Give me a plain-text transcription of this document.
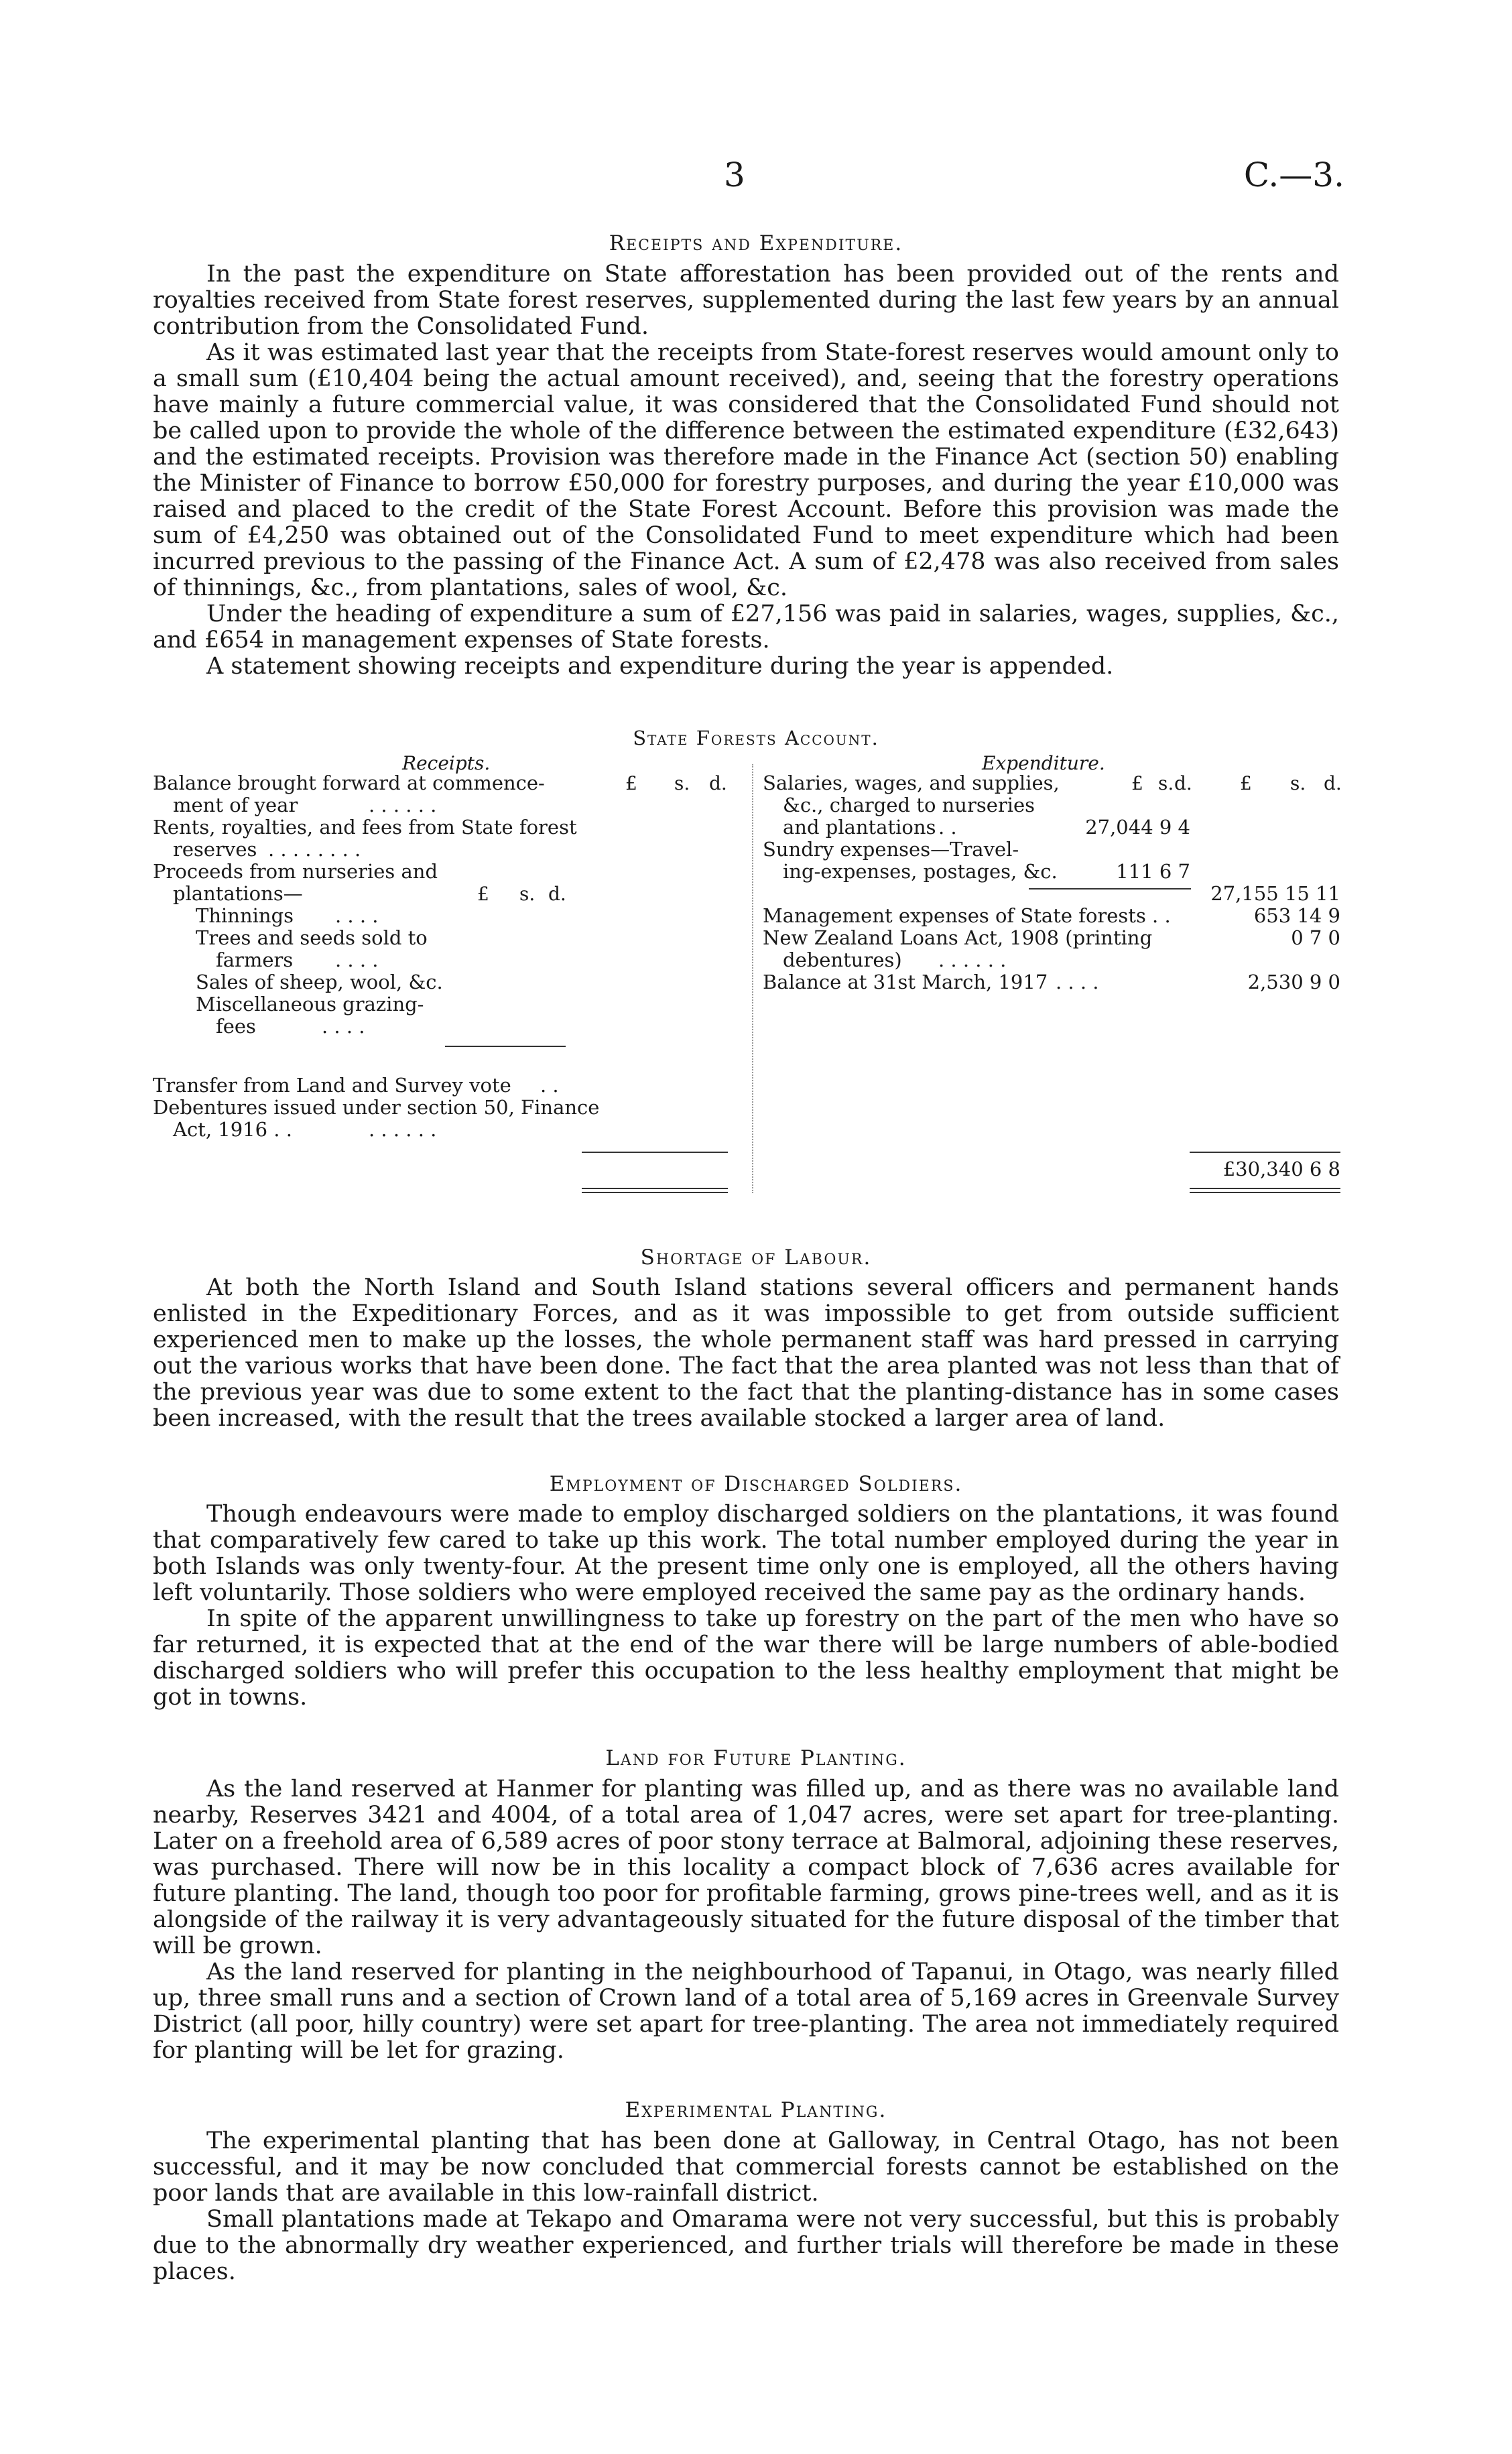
3	C.—3.
Receipts and Expenditure.

In the past the expenditure on State afforestation has been provided out of the rents and royalties received from State forest reserves, supplemented during the last few years by an annual contribution from the Consolidated Fund.

As it was estimated last year that the receipts from State-forest reserves would amount only to a small sum (£10,404 being the actual amount received), and, seeing that the forestry operations have mainly a future commercial value, it was considered that the Consolidated Fund should not be called upon to provide the whole of the difference between the estimated expenditure (£32,643) and the estimated receipts. Provision was therefore made in the Finance Act (section 50) enabling the Minister of Finance to borrow £50,000 for forestry purposes, and during the year £10,000 was raised and placed to the credit of the State Forest Account. Before this provision was made the sum of £4,250 was obtained out of the Consolidated Fund to meet expenditure which had been incurred previous to the passing of the Finance Act. A sum of £2,478 was also received from sales of thinnings, &c., from plantations, sales of wool, &c.

Under the heading of expenditure a sum of £27,156 was paid in salaries, wages, supplies, &c., and £654 in management expenses of State forests.

A statement showing receipts and expenditure during the year is appended.

State Forests Account.
Receipts.	Expenditure.
£ s. d.
Balance brought forward at commence-
ment of year	. . . . . .
Rents, royalties, and fees from State forest
reserves . . . . . . . .
Proceeds from nurseries and
plantations—	£ s. d.
Thinnings . . . .
Trees and seeds sold to
farmers . . . .
Sales of sheep, wool, &c.
Miscellaneous grazing-
fees	. . . .
Transfer from Land and Survey vote . .
Debentures issued under section 50, Finance
Act, 1916 . .	. . . . . .
£ s. d.	£ s. d.
Salaries, wages, and supplies,
&c., charged to nurseries
and plantations . .	27,044 9 4
Sundry expenses—Travel-
ing-expenses, postages, &c.	111 6 7
27,155 15 11
Management expenses of State forests . .	653 14 9
New Zealand Loans Act, 1908 (printing	0 7 0
debentures) . . . . . .
Balance at 31st March, 1917 . . . .	2,530 9 0
£30,340 6 8
Shortage of Labour.

At both the North Island and South Island stations several officers and permanent hands enlisted in the Expeditionary Forces, and as it was impossible to get from outside sufficient experienced men to make up the losses, the whole permanent staff was hard pressed in carrying out the various works that have been done. The fact that the area planted was not less than that of the previous year was due to some extent to the fact that the planting-distance has in some cases been increased, with the result that the trees available stocked a larger area of land.

Employment of Discharged Soldiers.

Though endeavours were made to employ discharged soldiers on the plantations, it was found that comparatively few cared to take up this work. The total number employed during the year in both Islands was only twenty-four. At the present time only one is employed, all the others having left voluntarily. Those soldiers who were employed received the same pay as the ordinary hands.

In spite of the apparent unwillingness to take up forestry on the part of the men who have so far returned, it is expected that at the end of the war there will be large numbers of able-bodied discharged soldiers who will prefer this occupation to the less healthy employment that might be got in towns.

Land for Future Planting.

As the land reserved at Hanmer for planting was filled up, and as there was no available land nearby, Reserves 3421 and 4004, of a total area of 1,047 acres, were set apart for tree-planting. Later on a freehold area of 6,589 acres of poor stony terrace at Balmoral, adjoining these reserves, was purchased. There will now be in this locality a compact block of 7,636 acres available for future planting. The land, though too poor for profitable farming, grows pine-trees well, and as it is alongside of the railway it is very advantageously situated for the future disposal of the timber that will be grown.

As the land reserved for planting in the neighbourhood of Tapanui, in Otago, was nearly filled up, three small runs and a section of Crown land of a total area of 5,169 acres in Greenvale Survey District (all poor, hilly country) were set apart for tree-planting. The area not immediately required for planting will be let for grazing.

Experimental Planting.

The experimental planting that has been done at Galloway, in Central Otago, has not been successful, and it may be now concluded that commercial forests cannot be established on the poor lands that are available in this low-rainfall district.

Small plantations made at Tekapo and Omarama were not very successful, but this is probably due to the abnormally dry weather experienced, and further trials will therefore be made in these places.
